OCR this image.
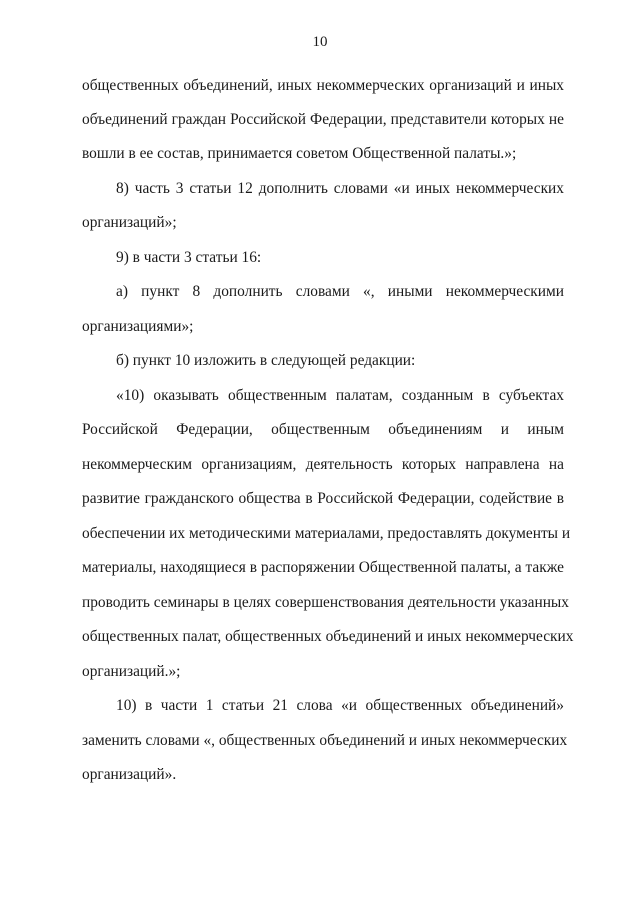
10
общественных объединений, иных некоммерческих организаций и иных
объединений граждан Российской Федерации, представители которых не
вошли в ее состав, принимается советом Общественной палаты.»;
8) часть 3 статьи 12 дополнить словами «и иных некоммерческих
организаций»;
9) в части 3 статьи 16:
а) пункт 8 дополнить словами «, иными некоммерческими
организациями»;
б) пункт 10 изложить в следующей редакции:
«10) оказывать общественным палатам, созданным в субъектах
Российской Федерации, общественным объединениям и иным
некоммерческим организациям, деятельность которых направлена на
развитие гражданского общества в Российской Федерации, содействие в
обеспечении их методическими материалами, предоставлять документы и
материалы, находящиеся в распоряжении Общественной палаты, а также
проводить семинары в целях совершенствования деятельности указанных
общественных палат, общественных объединений и иных некоммерческих
организаций.»;
10) в части 1 статьи 21 слова «и общественных объединений»
заменить словами «, общественных объединений и иных некоммерческих
организаций».
